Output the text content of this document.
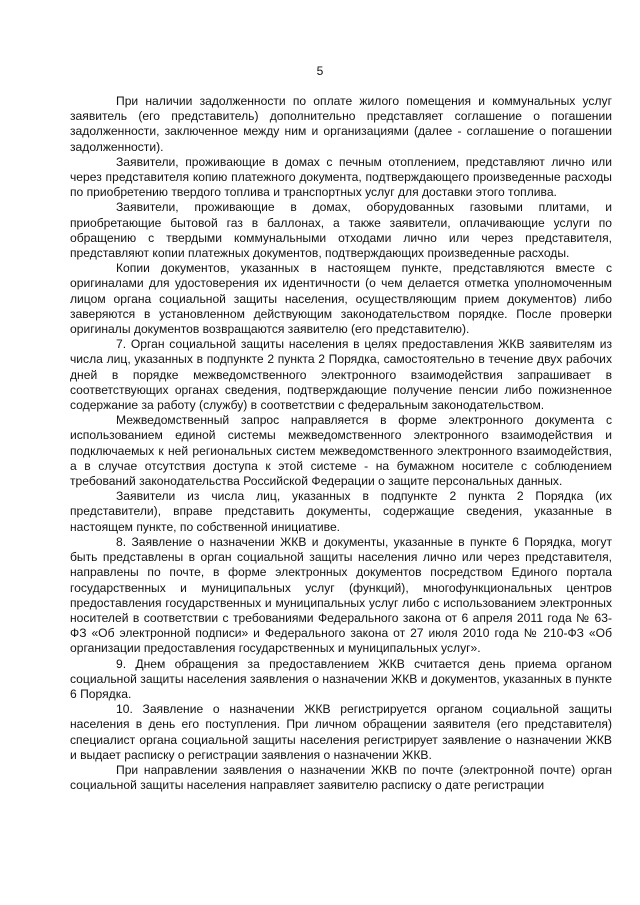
5

При наличии задолженности по оплате жилого помещения и коммунальных услуг заявитель (его представитель) дополнительно представляет соглашение о погашении задолженности, заключенное между ним и организациями (далее - соглашение о погашении задолженности).

Заявители, проживающие в домах с печным отоплением, представляют лично или через представителя копию платежного документа, подтверждающего произведенные расходы по приобретению твердого топлива и транспортных услуг для доставки этого топлива.

Заявители, проживающие в домах, оборудованных газовыми плитами, и приобретающие бытовой газ в баллонах, а также заявители, оплачивающие услуги по обращению с твердыми коммунальными отходами лично или через представителя, представляют копии платежных документов, подтверждающих произведенные расходы.

Копии документов, указанных в настоящем пункте, представляются вместе с оригиналами для удостоверения их идентичности (о чем делается отметка уполномоченным лицом органа социальной защиты населения, осуществляющим прием документов) либо заверяются в установленном действующим законодательством порядке. После проверки оригиналы документов возвращаются заявителю (его представителю).

7. Орган социальной защиты населения в целях предоставления ЖКВ заявителям из числа лиц, указанных в подпункте 2 пункта 2 Порядка, самостоятельно в течение двух рабочих дней в порядке межведомственного электронного взаимодействия запрашивает в соответствующих органах сведения, подтверждающие получение пенсии либо пожизненное содержание за работу (службу) в соответствии с федеральным законодательством.

Межведомственный запрос направляется в форме электронного документа с использованием единой системы межведомственного электронного взаимодействия и подключаемых к ней региональных систем межведомственного электронного взаимодействия, а в случае отсутствия доступа к этой системе - на бумажном носителе с соблюдением требований законодательства Российской Федерации о защите персональных данных.

Заявители из числа лиц, указанных в подпункте 2 пункта 2 Порядка (их представители), вправе представить документы, содержащие сведения, указанные в настоящем пункте, по собственной инициативе.

8. Заявление о назначении ЖКВ и документы, указанные в пункте 6 Порядка, могут быть представлены в орган социальной защиты населения лично или через представителя, направлены по почте, в форме электронных документов посредством Единого портала государственных и муниципальных услуг (функций), многофункциональных центров предоставления государственных и муниципальных услуг либо с использованием электронных носителей в соответствии с требованиями Федерального закона от 6 апреля 2011 года № 63-ФЗ «Об электронной подписи» и Федерального закона от 27 июля 2010 года № 210-ФЗ «Об организации предоставления государственных и муниципальных услуг».

9. Днем обращения за предоставлением ЖКВ считается день приема органом социальной защиты населения заявления о назначении ЖКВ и документов, указанных в пункте 6 Порядка.

10. Заявление о назначении ЖКВ регистрируется органом социальной защиты населения в день его поступления. При личном обращении заявителя (его представителя) специалист органа социальной защиты населения регистрирует заявление о назначении ЖКВ и выдает расписку о регистрации заявления о назначении ЖКВ.

При направлении заявления о назначении ЖКВ по почте (электронной почте) орган социальной защиты населения направляет заявителю расписку о дате регистрации
